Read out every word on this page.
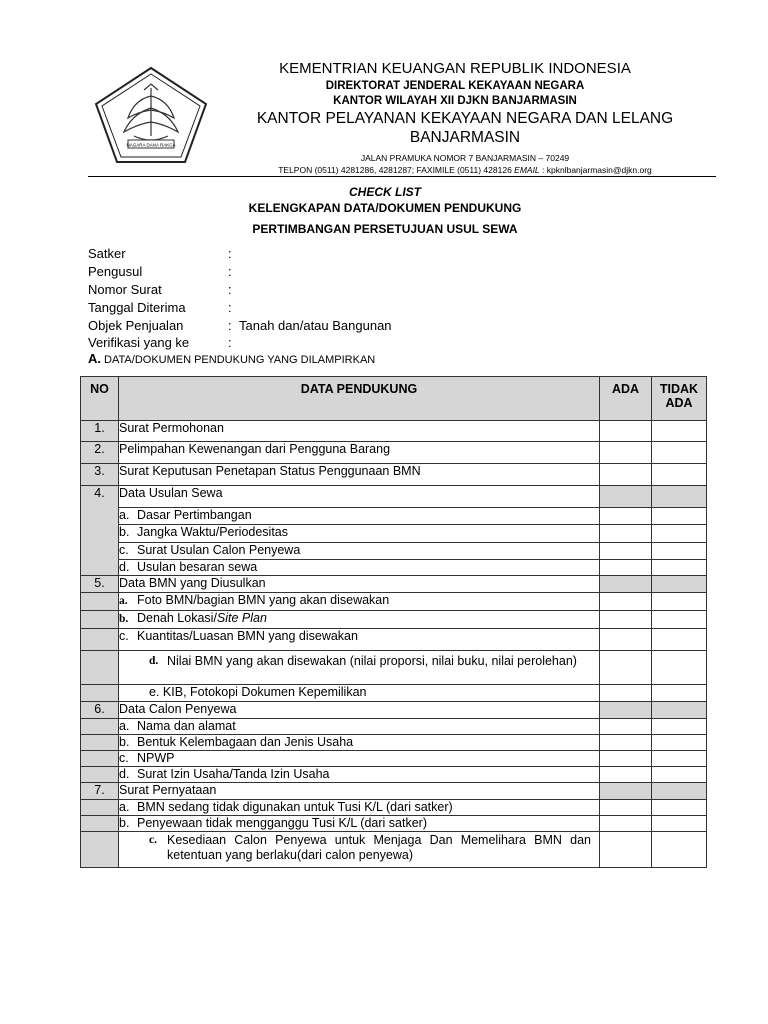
NAGARA DANA RAKCA
KEMENTRIAN KEUANGAN REPUBLIK INDONESIA
DIREKTORAT JENDERAL KEKAYAAN NEGARA
KANTOR WILAYAH XII DJKN BANJARMASIN
KANTOR PELAYANAN KEKAYAAN NEGARA DAN LELANG
BANJARMASIN
JALAN PRAMUKA NOMOR 7 BANJARMASIN – 70249
TELPON (0511) 4281286, 4281287; FAXIMILE (0511) 428126 EMAIL : kpknlbanjarmasin@djkn.org
CHECK LIST
KELENGKAPAN DATA/DOKUMEN PENDUKUNG
PERTIMBANGAN PERSETUJUAN USUL SEWA
Satker	:
Pengusul	:
Nomor Surat	:
Tanggal Diterima	:
Objek Penjualan	: Tanah dan/atau Bangunan
Verifikasi yang ke	:
A. DATA/DOKUMEN PENDUKUNG YANG DILAMPIRKAN
NO	DATA PENDUKUNG	ADA	TIDAK ADA
1.	Surat Permohonan		
2.	Pelimpahan Kewenangan dari Pengguna Barang		
3.	Surat Keputusan Penetapan Status Penggunaan BMN		
4.	Data Usulan Sewa		
	a. Dasar Pertimbangan		
	b. Jangka Waktu/Periodesitas		
	c. Surat Usulan Calon Penyewa		
	d. Usulan besaran sewa		
5.	Data BMN yang Diusulkan		
	a. Foto BMN/bagian BMN yang akan disewakan		
	b. Denah Lokasi/Site Plan		
	c. Kuantitas/Luasan BMN yang disewakan		

	d. Nilai BMN yang akan disewakan (nilai proporsi, nilai buku, nilai perolehan)		

	e. KIB, Fotokopi Dokumen Kepemilikan		
6.	Data Calon Penyewa		
	a. Nama dan alamat		
	b. Bentuk Kelembagaan dan Jenis Usaha		
	c. NPWP		
	d. Surat Izin Usaha/Tanda Izin Usaha		
7.	Surat Pernyataan		
	a. BMN sedang tidak digunakan untuk Tusi K/L (dari satker)		
	b. Penyewaan tidak mengganggu Tusi K/L (dari satker)		

	c. Kesediaan Calon Penyewa untuk Menjaga Dan Memelihara BMN dan ketentuan yang berlaku(dari calon penyewa)		
